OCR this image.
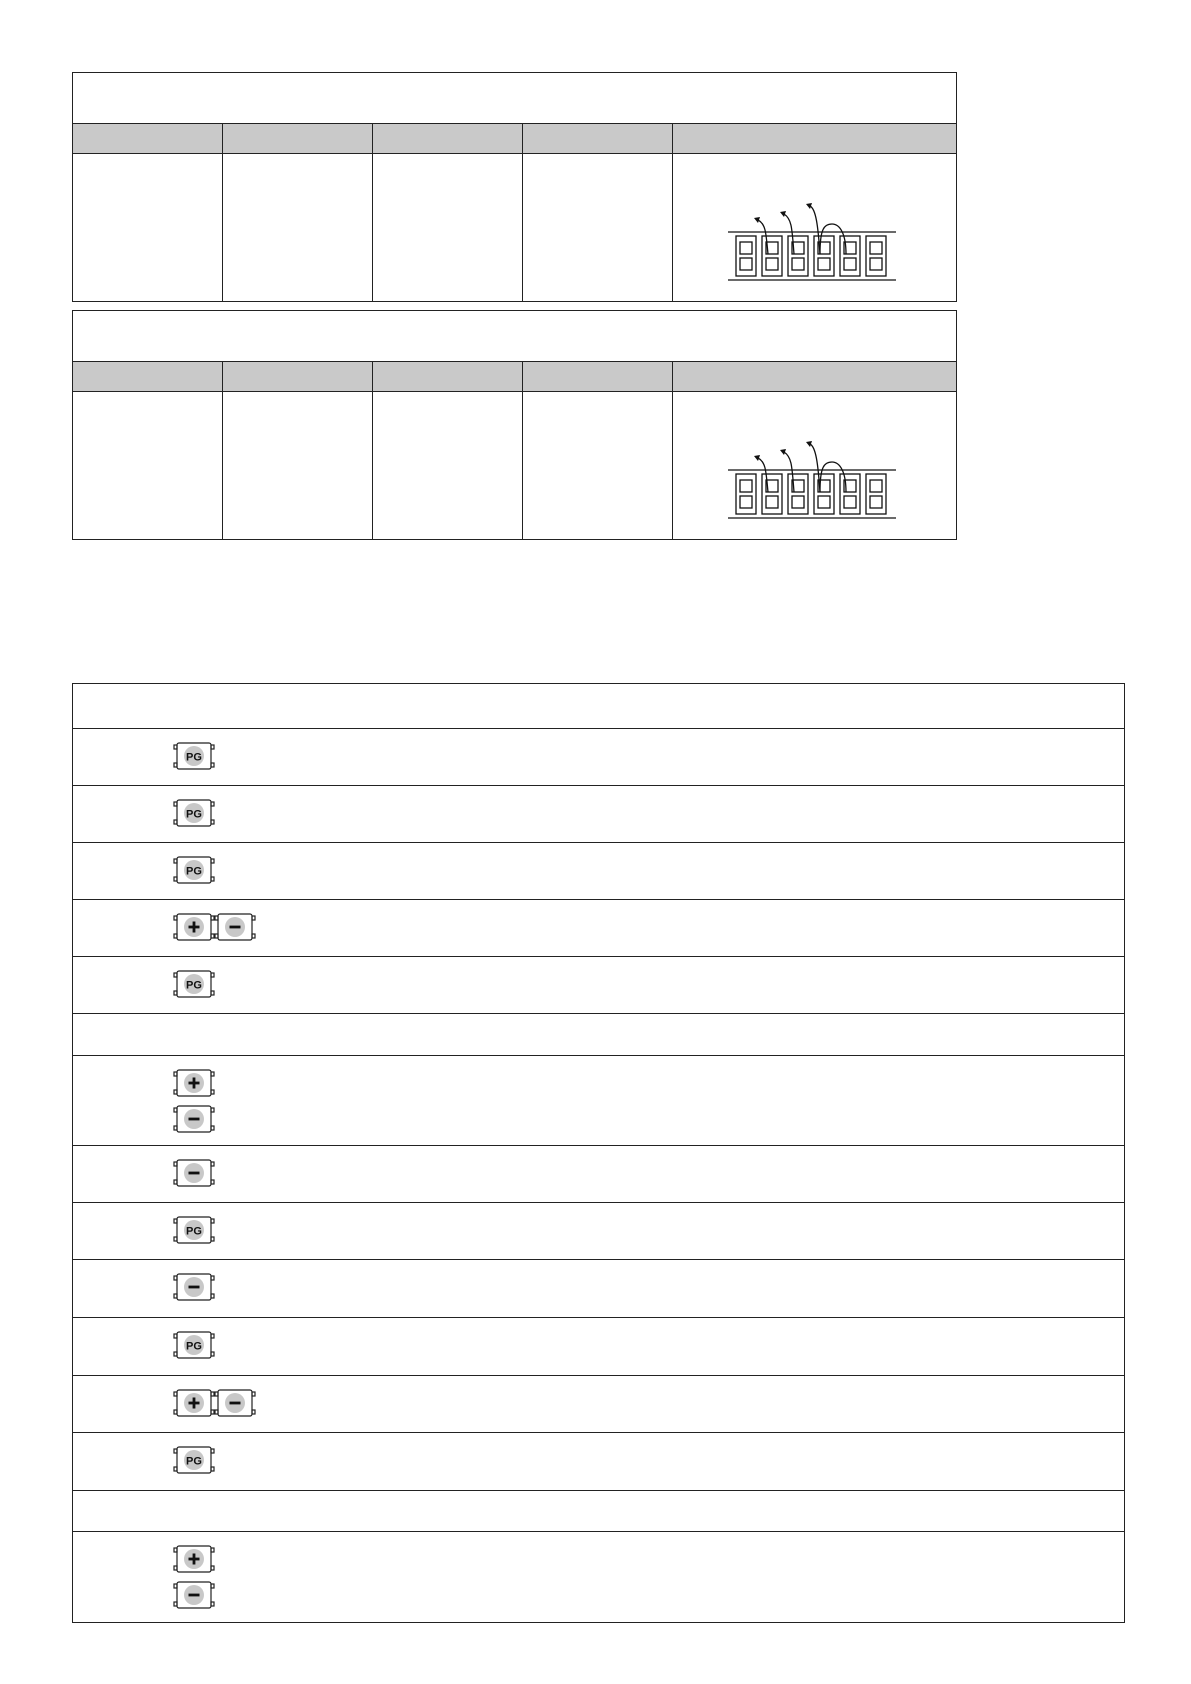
PG
PG
PG
PG
PG
PG
PG
